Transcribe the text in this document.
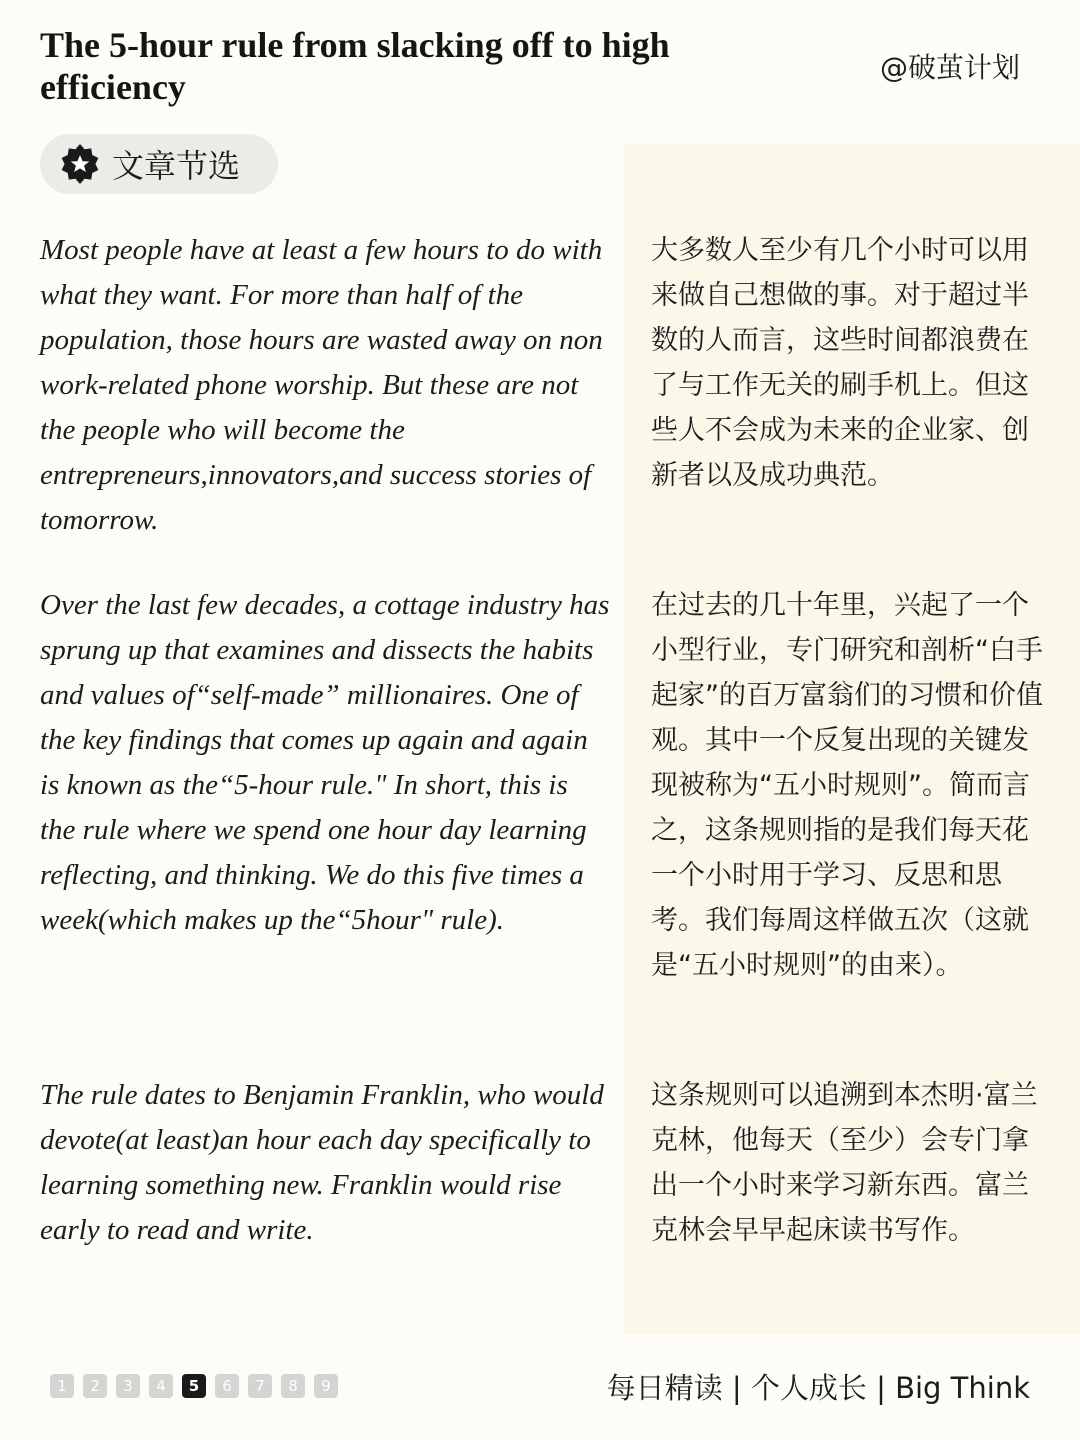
The 5-hour rule from slacking off to high efficiency	@破茧计划
文章节选

Most people have at least a few hours to do with what they want. For more than half of the population, those hours are wasted away on non work-related phone worship. But these are not the people who will become the entrepreneurs,innovators,and success stories of tomorrow.

大多数人至少有几个小时可以用来做自己想做的事。对于超过半数的人而言，这些时间都浪费在了与工作无关的刷手机上。但这些人不会成为未来的企业家、创新者以及成功典范。

Over the last few decades, a cottage industry has sprung up that examines and dissects the habits and values of“self-made” millionaires. One of the key findings that comes up again and again is known as the“5-hour rule." In short, this is the rule where we spend one hour day learning reflecting, and thinking. We do this five times a week(which makes up the“5hour" rule).

在过去的几十年里，兴起了一个小型行业，专门研究和剖析“白手起家”的百万富翁们的习惯和价值观。其中一个反复出现的关键发现被称为“五小时规则”。简而言之，这条规则指的是我们每天花一个小时用于学习、反思和思考。我们每周这样做五次（这就是“五小时规则”的由来）。

The rule dates to Benjamin Franklin, who would devote(at least)an hour each day specifically to learning something new. Franklin would rise early to read and write.

这条规则可以追溯到本杰明·富兰克林，他每天（至少）会专门拿出一个小时来学习新东西。富兰克林会早早起床读书写作。

1	2	3	4	5	6	7	8	9	每日精读 | 个人成长 | Big Think
